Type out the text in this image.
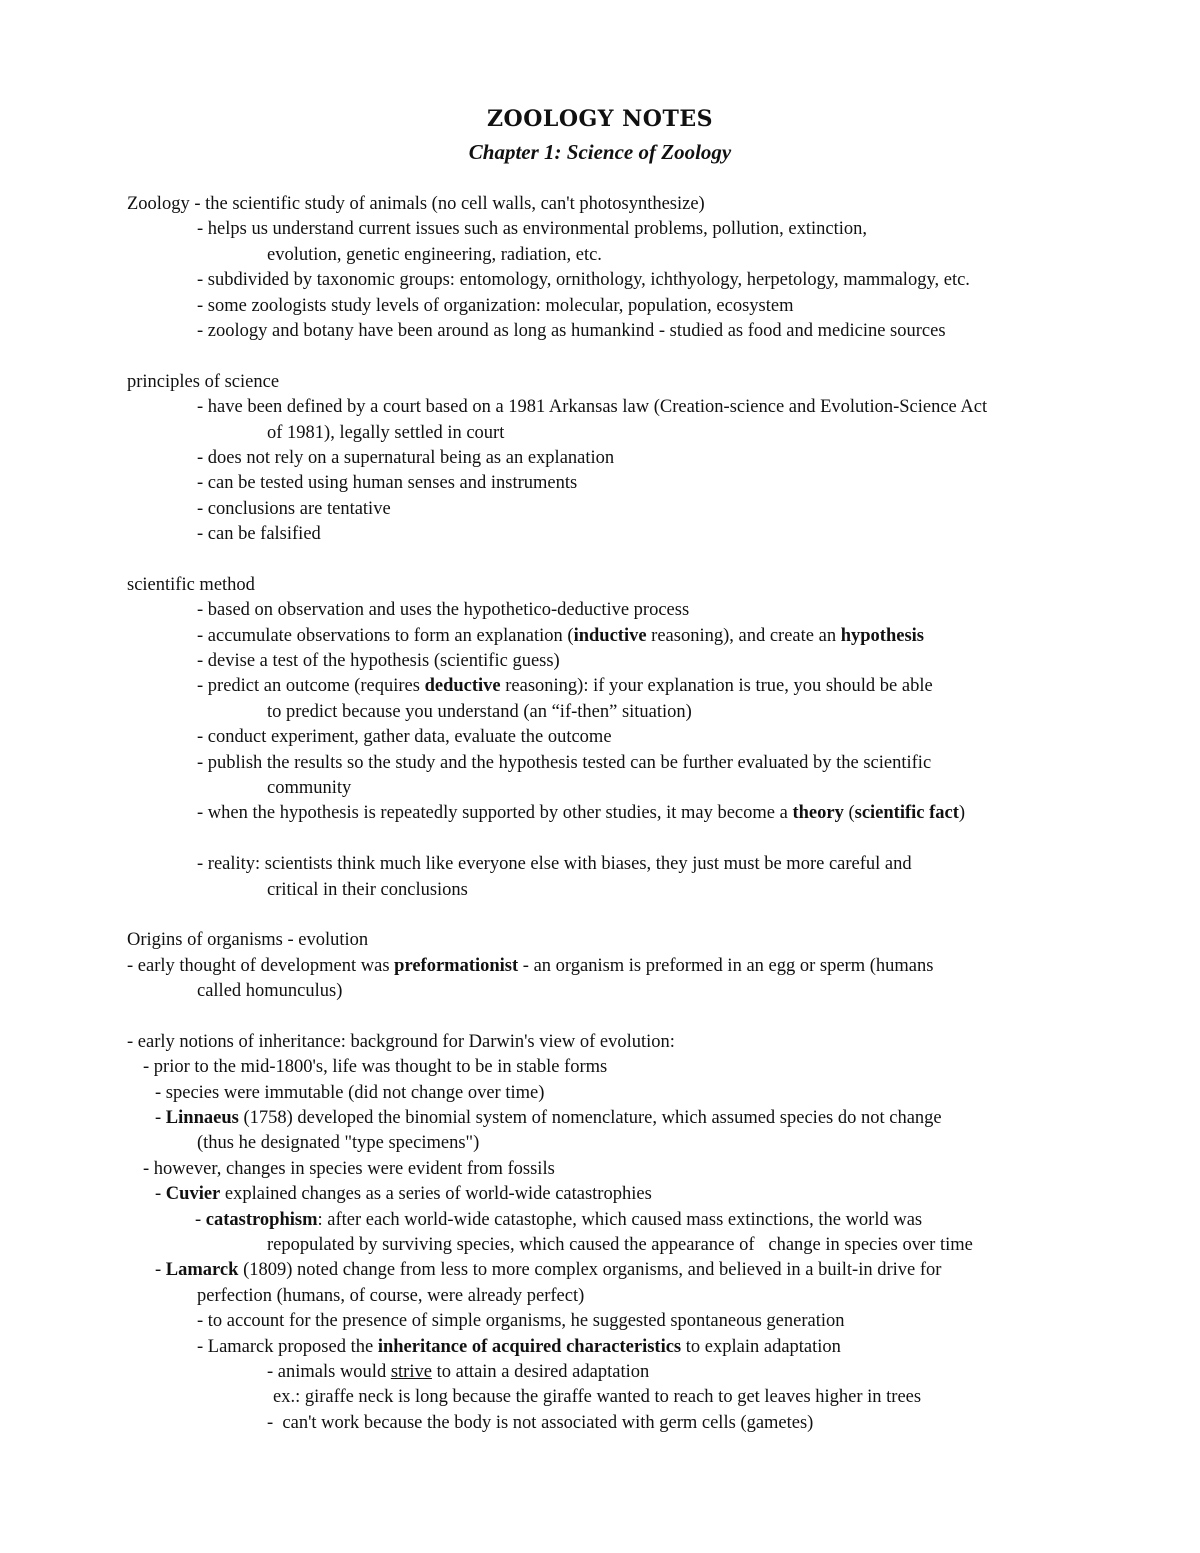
ZOOLOGY NOTES
Chapter 1: Science of Zoology
Zoology - the scientific study of animals (no cell walls, can't photosynthesize)
- helps us understand current issues such as environmental problems, pollution, extinction,
evolution, genetic engineering, radiation, etc.
- subdivided by taxonomic groups: entomology, ornithology, ichthyology, herpetology, mammalogy, etc.
- some zoologists study levels of organization: molecular, population, ecosystem
- zoology and botany have been around as long as humankind - studied as food and medicine sources
principles of science
- have been defined by a court based on a 1981 Arkansas law (Creation-science and Evolution-Science Act
of 1981), legally settled in court
- does not rely on a supernatural being as an explanation
- can be tested using human senses and instruments
- conclusions are tentative
- can be falsified
scientific method
- based on observation and uses the hypothetico-deductive process
- accumulate observations to form an explanation (inductive reasoning), and create an hypothesis
- devise a test of the hypothesis (scientific guess)
- predict an outcome (requires deductive reasoning): if your explanation is true, you should be able
to predict because you understand (an “if-then” situation)
- conduct experiment, gather data, evaluate the outcome
- publish the results so the study and the hypothesis tested can be further evaluated by the scientific
community
- when the hypothesis is repeatedly supported by other studies, it may become a theory (scientific fact)
- reality: scientists think much like everyone else with biases, they just must be more careful and
critical in their conclusions
Origins of organisms - evolution
- early thought of development was preformationist - an organism is preformed in an egg or sperm (humans
called homunculus)
- early notions of inheritance: background for Darwin's view of evolution:
- prior to the mid-1800's, life was thought to be in stable forms
- species were immutable (did not change over time)
- Linnaeus (1758) developed the binomial system of nomenclature, which assumed species do not change
(thus he designated "type specimens")
- however, changes in species were evident from fossils
- Cuvier explained changes as a series of world-wide catastrophies
- catastrophism: after each world-wide catastophe, which caused mass extinctions, the world was
repopulated by surviving species, which caused the appearance of   change in species over time
- Lamarck (1809) noted change from less to more complex organisms, and believed in a built-in drive for
perfection (humans, of course, were already perfect)
- to account for the presence of simple organisms, he suggested spontaneous generation
- Lamarck proposed the inheritance of acquired characteristics to explain adaptation
- animals would strive to attain a desired adaptation
ex.: giraffe neck is long because the giraffe wanted to reach to get leaves higher in trees
-  can't work because the body is not associated with germ cells (gametes)
